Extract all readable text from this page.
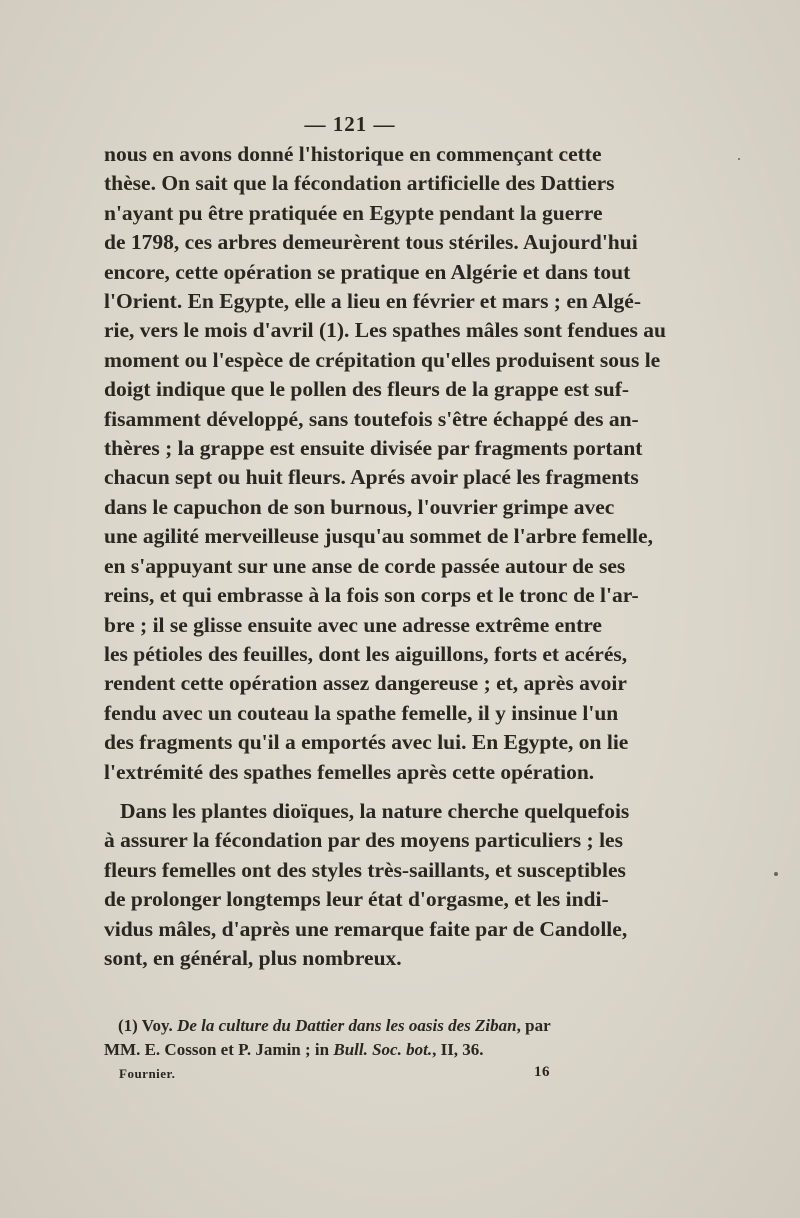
— 121 —

nous en avons donné l'historique en commençant cette
thèse. On sait que la fécondation artificielle des Dattiers
n'ayant pu être pratiquée en Egypte pendant la guerre
de 1798, ces arbres demeurèrent tous stériles. Aujourd'hui
encore, cette opération se pratique en Algérie et dans tout
l'Orient. En Egypte, elle a lieu en février et mars ; en Algé-
rie, vers le mois d'avril (1). Les spathes mâles sont fendues au
moment ou l'espèce de crépitation qu'elles produisent sous le
doigt indique que le pollen des fleurs de la grappe est suf-
fisamment développé, sans toutefois s'être échappé des an-
thères ; la grappe est ensuite divisée par fragments portant
chacun sept ou huit fleurs. Aprés avoir placé les fragments
dans le capuchon de son burnous, l'ouvrier grimpe avec
une agilité merveilleuse jusqu'au sommet de l'arbre femelle,
en s'appuyant sur une anse de corde passée autour de ses
reins, et qui embrasse à la fois son corps et le tronc de l'ar-
bre ; il se glisse ensuite avec une adresse extrême entre
les pétioles des feuilles, dont les aiguillons, forts et acérés,
rendent cette opération assez dangereuse ; et, après avoir
fendu avec un couteau la spathe femelle, il y insinue l'un
des fragments qu'il a emportés avec lui. En Egypte, on lie
l'extrémité des spathes femelles après cette opération.

Dans les plantes dioïques, la nature cherche quelquefois
à assurer la fécondation par des moyens particuliers ; les
fleurs femelles ont des styles très-saillants, et susceptibles
de prolonger longtemps leur état d'orgasme, et les indi-
vidus mâles, d'après une remarque faite par de Candolle,
sont, en général, plus nombreux.

(1) Voy. De la culture du Dattier dans les oasis des Ziban, par
MM. E. Cosson et P. Jamin ; in Bull. Soc. bot., II, 36.
Fournier.	16
